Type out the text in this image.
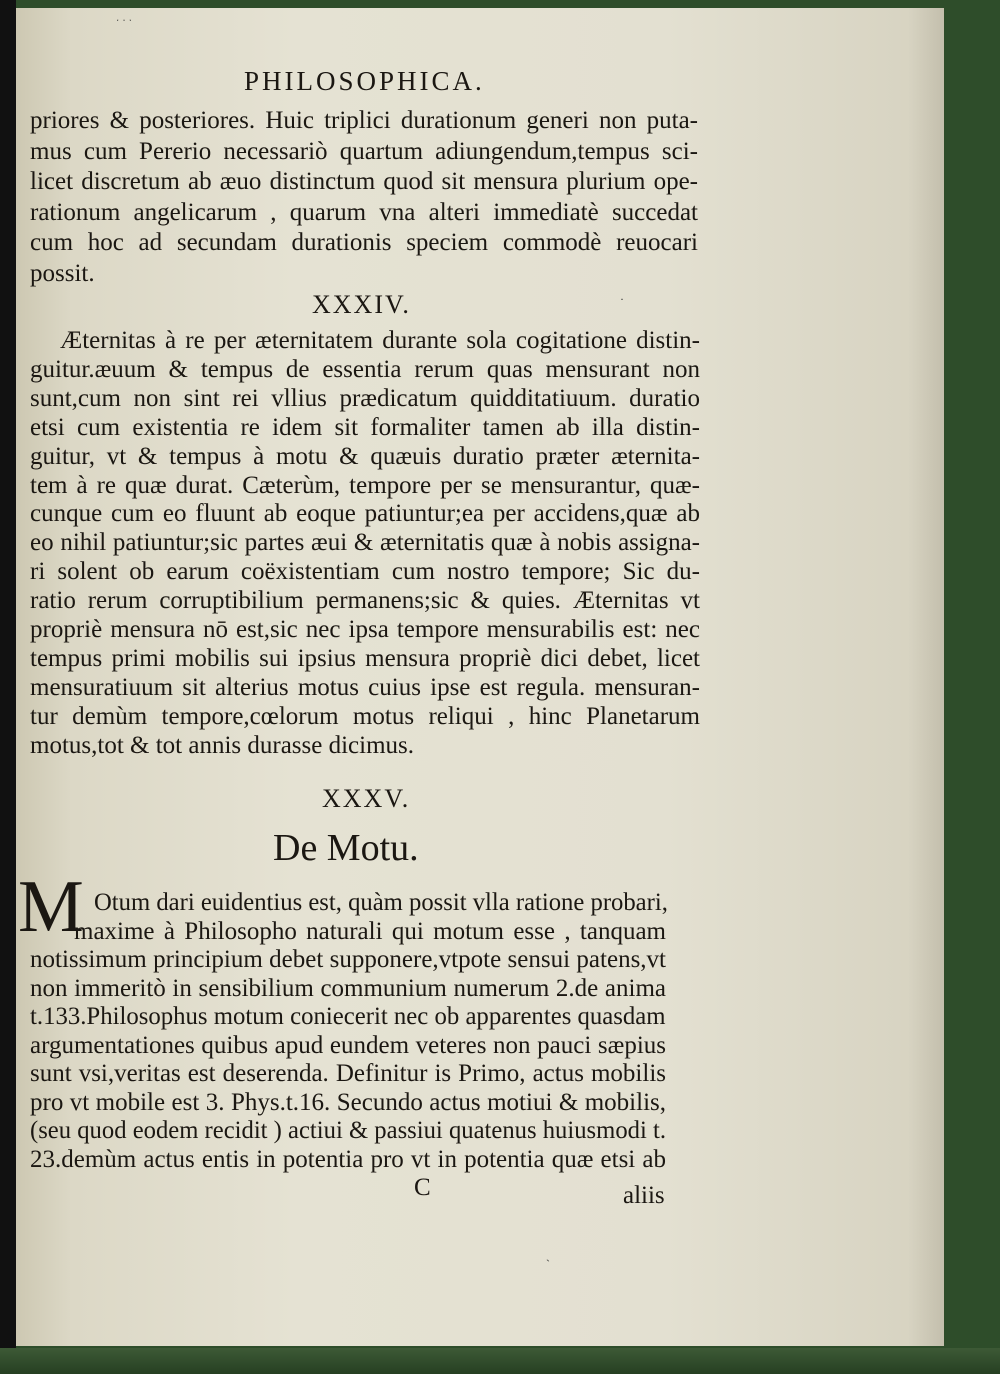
ˑ ˑ ˑ
·
ˏ
PHILOSOPHICA.
priores & posteriores. Huic triplici durationum generi non puta-
mus cum Pererio necessariò quartum adiungendum,tempus sci-
licet discretum ab æuo distinctum quod sit mensura plurium ope-
rationum angelicarum , quarum vna alteri immediatè succedat
cum hoc ad secundam durationis speciem commodè reuocari
possit.
XXXIV.
Æternitas à re per æternitatem durante sola cogitatione distin-
guitur.æuum & tempus de essentia rerum quas mensurant non
sunt,cum non sint rei vllius prædicatum quidditatiuum. duratio
etsi cum existentia re idem sit formaliter tamen ab illa distin-
guitur, vt & tempus à motu & quæuis duratio præter æternita-
tem à re quæ durat. Cæterùm, tempore per se mensurantur, quæ-
cunque cum eo fluunt ab eoque patiuntur;ea per accidens,quæ ab
eo nihil patiuntur;sic partes æui & æternitatis quæ à nobis assigna-
ri solent ob earum coëxistentiam cum nostro tempore; Sic du-
ratio rerum corruptibilium permanens;sic & quies. Æternitas vt
propriè mensura nō est,sic nec ipsa tempore mensurabilis est: nec
tempus primi mobilis sui ipsius mensura propriè dici debet, licet
mensuratiuum sit alterius motus cuius ipse est regula. mensuran-
tur demùm tempore,cœlorum motus reliqui , hinc Planetarum
motus,tot & tot annis durasse dicimus.
XXXV.
De Motu.
M Otum dari euidentius est, quàm possit vlla ratione probari,
maxime à Philosopho naturali qui motum esse , tanquam
notissimum principium debet supponere,vtpote sensui patens,vt
non immeritò in sensibilium communium numerum 2.de anima
t.133.Philosophus motum coniecerit nec ob apparentes quasdam
argumentationes quibus apud eundem veteres non pauci sæpius
sunt vsi,veritas est deserenda. Definitur is Primo, actus mobilis
pro vt mobile est 3. Phys.t.16. Secundo actus motiui & mobilis,
(seu quod eodem recidit ) actiui & passiui quatenus huiusmodi t.
23.demùm actus entis in potentia pro vt in potentia quæ etsi ab
C	aliis
